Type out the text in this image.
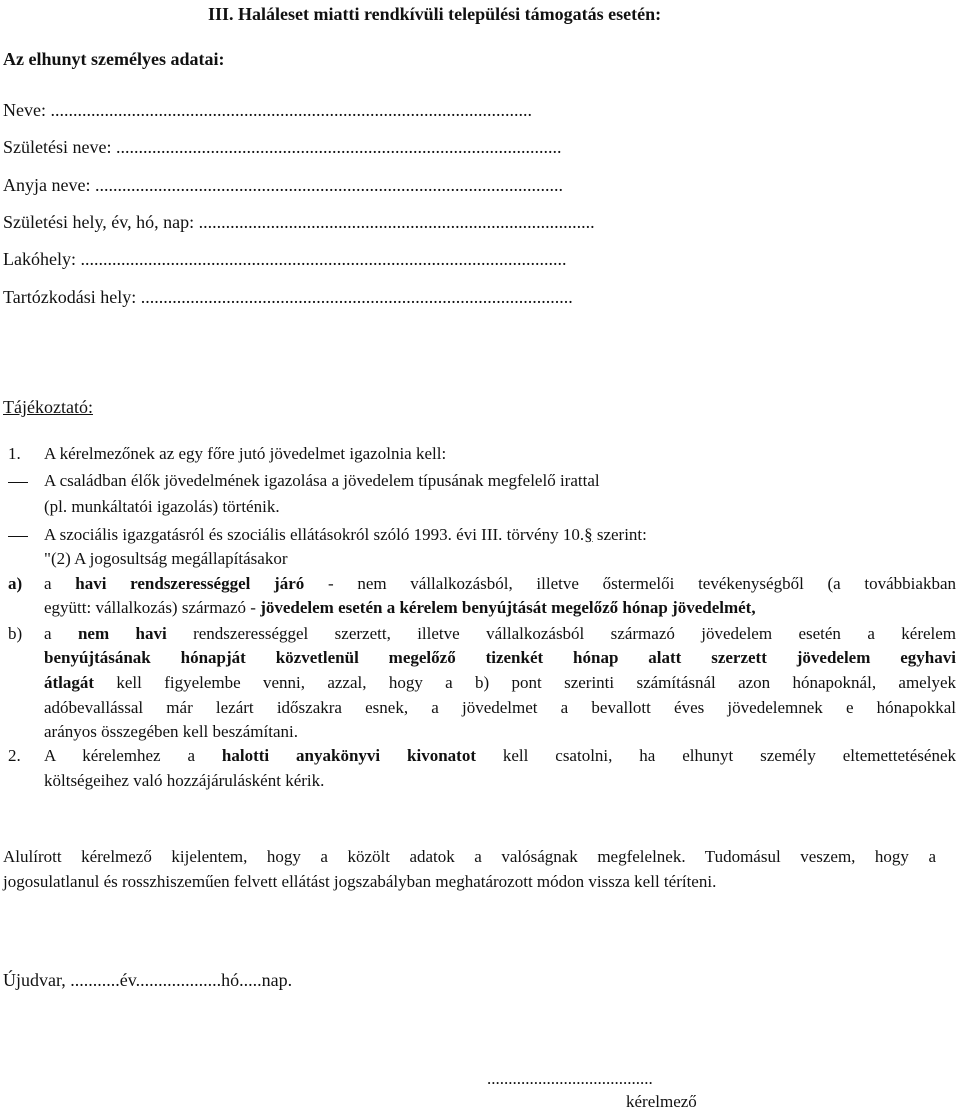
III. Haláleset miatti rendkívüli települési támogatás esetén:
Az elhunyt személyes adatai:
Neve: ...........................................................................................................
Születési neve: ...................................................................................................
Anyja neve: ........................................................................................................
Születési hely, év, hó, nap: ........................................................................................
Lakóhely: ............................................................................................................
Tartózkodási hely: ................................................................................................
Tájékoztató:
1. A kérelmezőnek az egy főre jutó jövedelmet igazolnia kell:
A családban élők jövedelmének igazolása a jövedelem típusának megfelelő irattal
(pl. munkáltatói igazolás) történik.
A szociális igazgatásról és szociális ellátásokról szóló 1993. évi III. törvény 10.§ szerint:
"(2) A jogosultság megállapításakor
a) a havi rendszerességgel járó - nem vállalkozásból, illetve őstermelői tevékenységből (a továbbiakban
együtt: vállalkozás) származó - jövedelem esetén a kérelem benyújtását megelőző hónap jövedelmét,
b) a nem havi rendszerességgel szerzett, illetve vállalkozásból származó jövedelem esetén a kérelem
benyújtásának hónapját közvetlenül megelőző tizenkét hónap alatt szerzett jövedelem egyhavi
átlagát kell figyelembe venni, azzal, hogy a b) pont szerinti számításnál azon hónapoknál, amelyek
adóbevallással már lezárt időszakra esnek, a jövedelmet a bevallott éves jövedelemnek e hónapokkal
arányos összegében kell beszámítani.
2. A kérelemhez a halotti anyakönyvi kivonatot kell csatolni, ha elhunyt személy eltemettetésének
költségeihez való hozzájárulásként kérik.
Alulírott kérelmező kijelentem, hogy a közölt adatok a valóságnak megfelelnek. Tudomásul veszem, hogy a
jogosulatlanul és rosszhiszeműen felvett ellátást jogszabályban meghatározott módon vissza kell téríteni.
Újudvar, ...........év...................hó.....nap.
.......................................
kérelmező
